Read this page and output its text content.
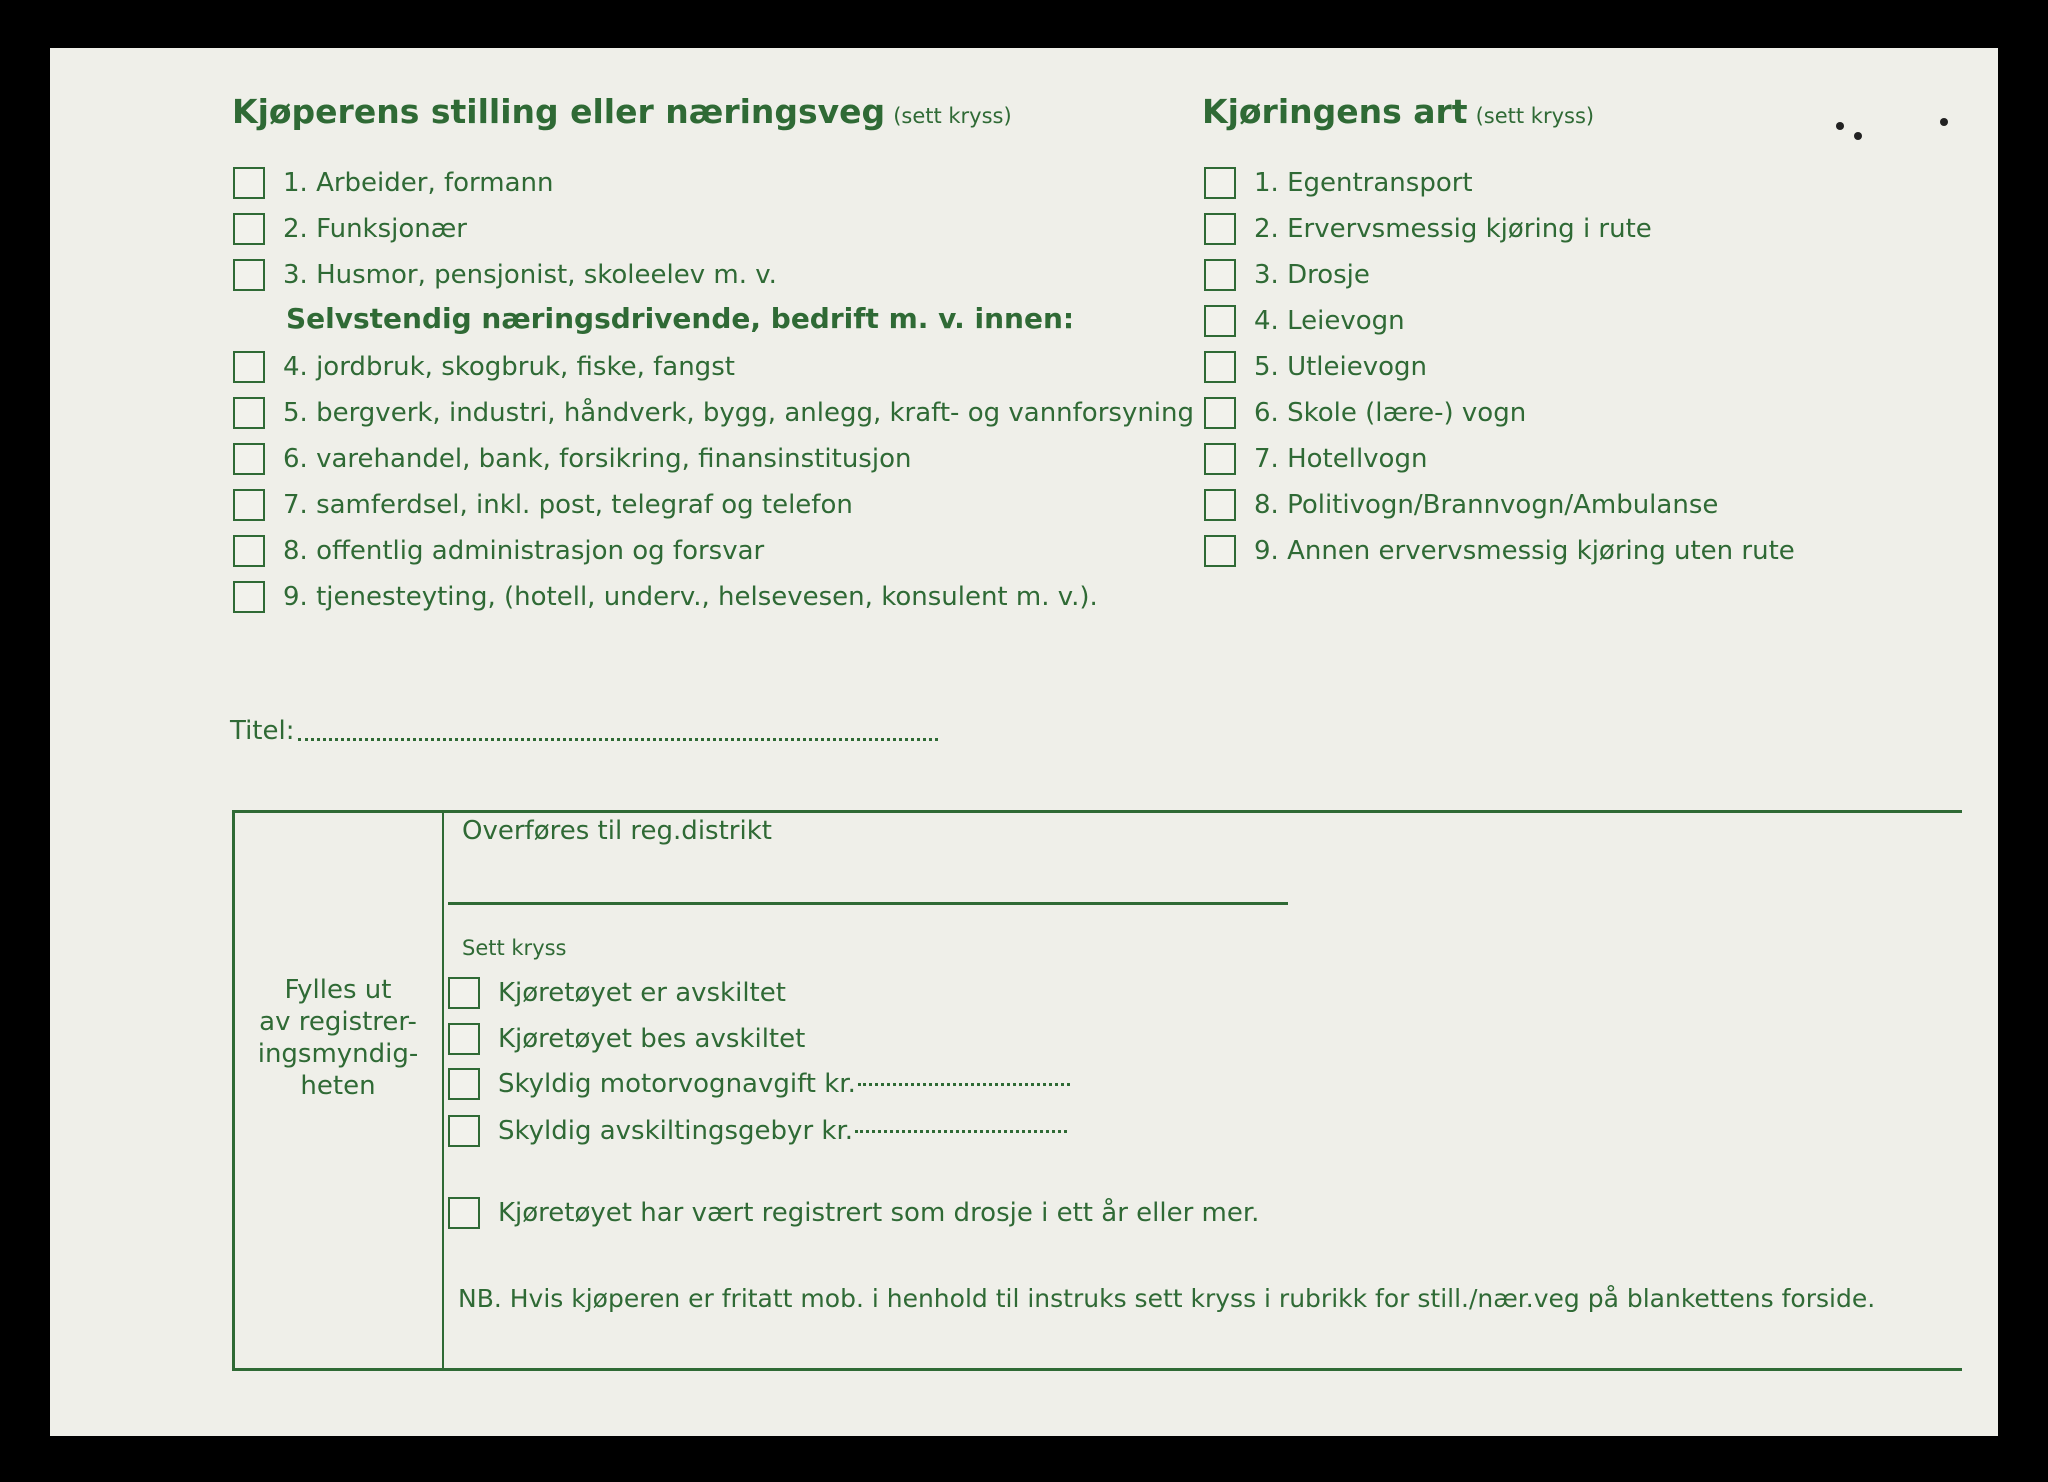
Kjøperens stilling eller næringsveg (sett kryss)	Kjøringens art (sett kryss)
1. Arbeider, formann
2. Funksjonær
3. Husmor, pensjonist, skoleelev m. v.
Selvstendig næringsdrivende, bedrift m. v. innen:
4. jordbruk, skogbruk, fiske, fangst
5. bergverk, industri, håndverk, bygg, anlegg, kraft- og vannforsyning
6. varehandel, bank, forsikring, finansinstitusjon
7. samferdsel, inkl. post, telegraf og telefon
8. offentlig administrasjon og forsvar
9. tjenesteyting, (hotell, underv., helsevesen, konsulent m. v.).
1. Egentransport
2. Ervervsmessig kjøring i rute
3. Drosje
4. Leievogn
5. Utleievogn
6. Skole (lære-) vogn
7. Hotellvogn
8. Politivogn/Brannvogn/Ambulanse
9. Annen ervervsmessig kjøring uten rute
Titel:
Fylles ut
av registrer-
ingsmyndig-
heten
Overføres til reg.distrikt
Sett kryss
Kjøretøyet er avskiltet
Kjøretøyet bes avskiltet
Skyldig motorvognavgift kr.
Skyldig avskiltingsgebyr kr.
Kjøretøyet har vært registrert som drosje i ett år eller mer.
NB. Hvis kjøperen er fritatt mob. i henhold til instruks sett kryss i rubrikk for still./nær.veg på blankettens forside.
